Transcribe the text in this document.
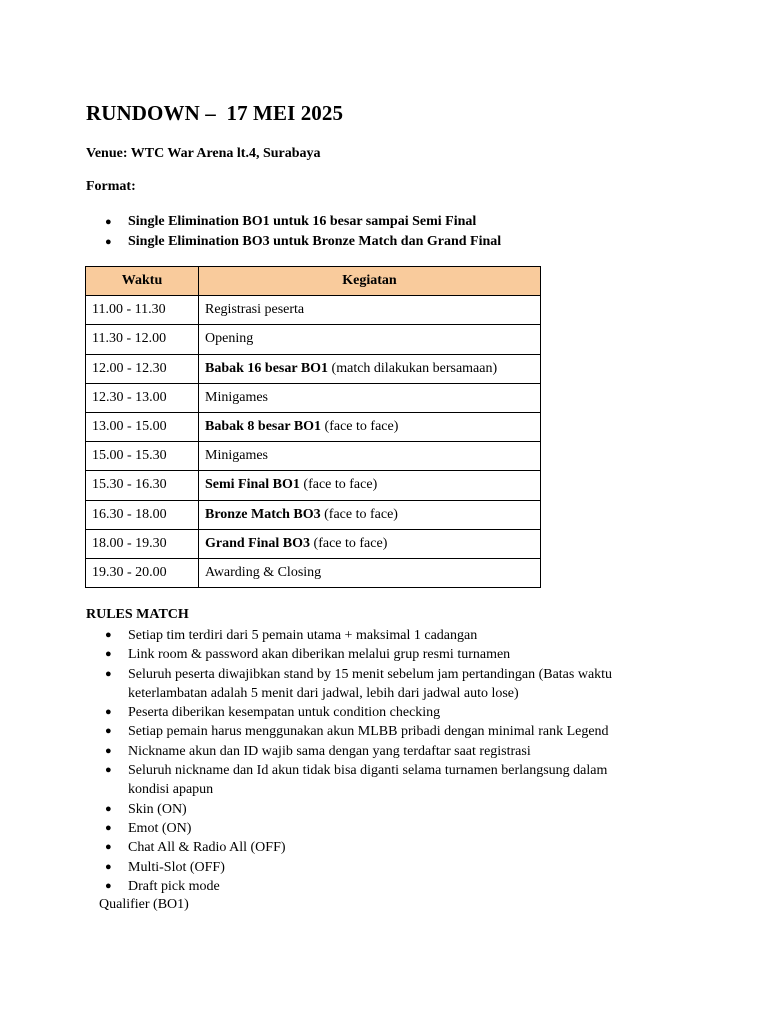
RUNDOWN –  17 MEI 2025
Venue: WTC War Arena lt.4, Surabaya
Format:
● Single Elimination BO1 untuk 16 besar sampai Semi Final
● Single Elimination BO3 untuk Bronze Match dan Grand Final
Waktu	Kegiatan
11.00 - 11.30	Registrasi peserta
11.30 - 12.00	Opening
12.00 - 12.30	Babak 16 besar BO1 (match dilakukan bersamaan)
12.30 - 13.00	Minigames
13.00 - 15.00	Babak 8 besar BO1 (face to face)
15.00 - 15.30	Minigames
15.30 - 16.30	Semi Final BO1 (face to face)
16.30 - 18.00	Bronze Match BO3 (face to face)
18.00 - 19.30	Grand Final BO3 (face to face)
19.30 - 20.00	Awarding & Closing
RULES MATCH
● Setiap tim terdiri dari 5 pemain utama + maksimal 1 cadangan
● Link room & password akan diberikan melalui grup resmi turnamen
● Seluruh peserta diwajibkan stand by 15 menit sebelum jam pertandingan (Batas waktu keterlambatan adalah 5 menit dari jadwal, lebih dari jadwal auto lose)
● Peserta diberikan kesempatan untuk condition checking
● Setiap pemain harus menggunakan akun MLBB pribadi dengan minimal rank Legend
● Nickname akun dan ID wajib sama dengan yang terdaftar saat registrasi
● Seluruh nickname dan Id akun tidak bisa diganti selama turnamen berlangsung dalam kondisi apapun
● Skin (ON)
● Emot (ON)
● Chat All & Radio All (OFF)
● Multi-Slot (OFF)
● Draft pick mode
Qualifier (BO1)
